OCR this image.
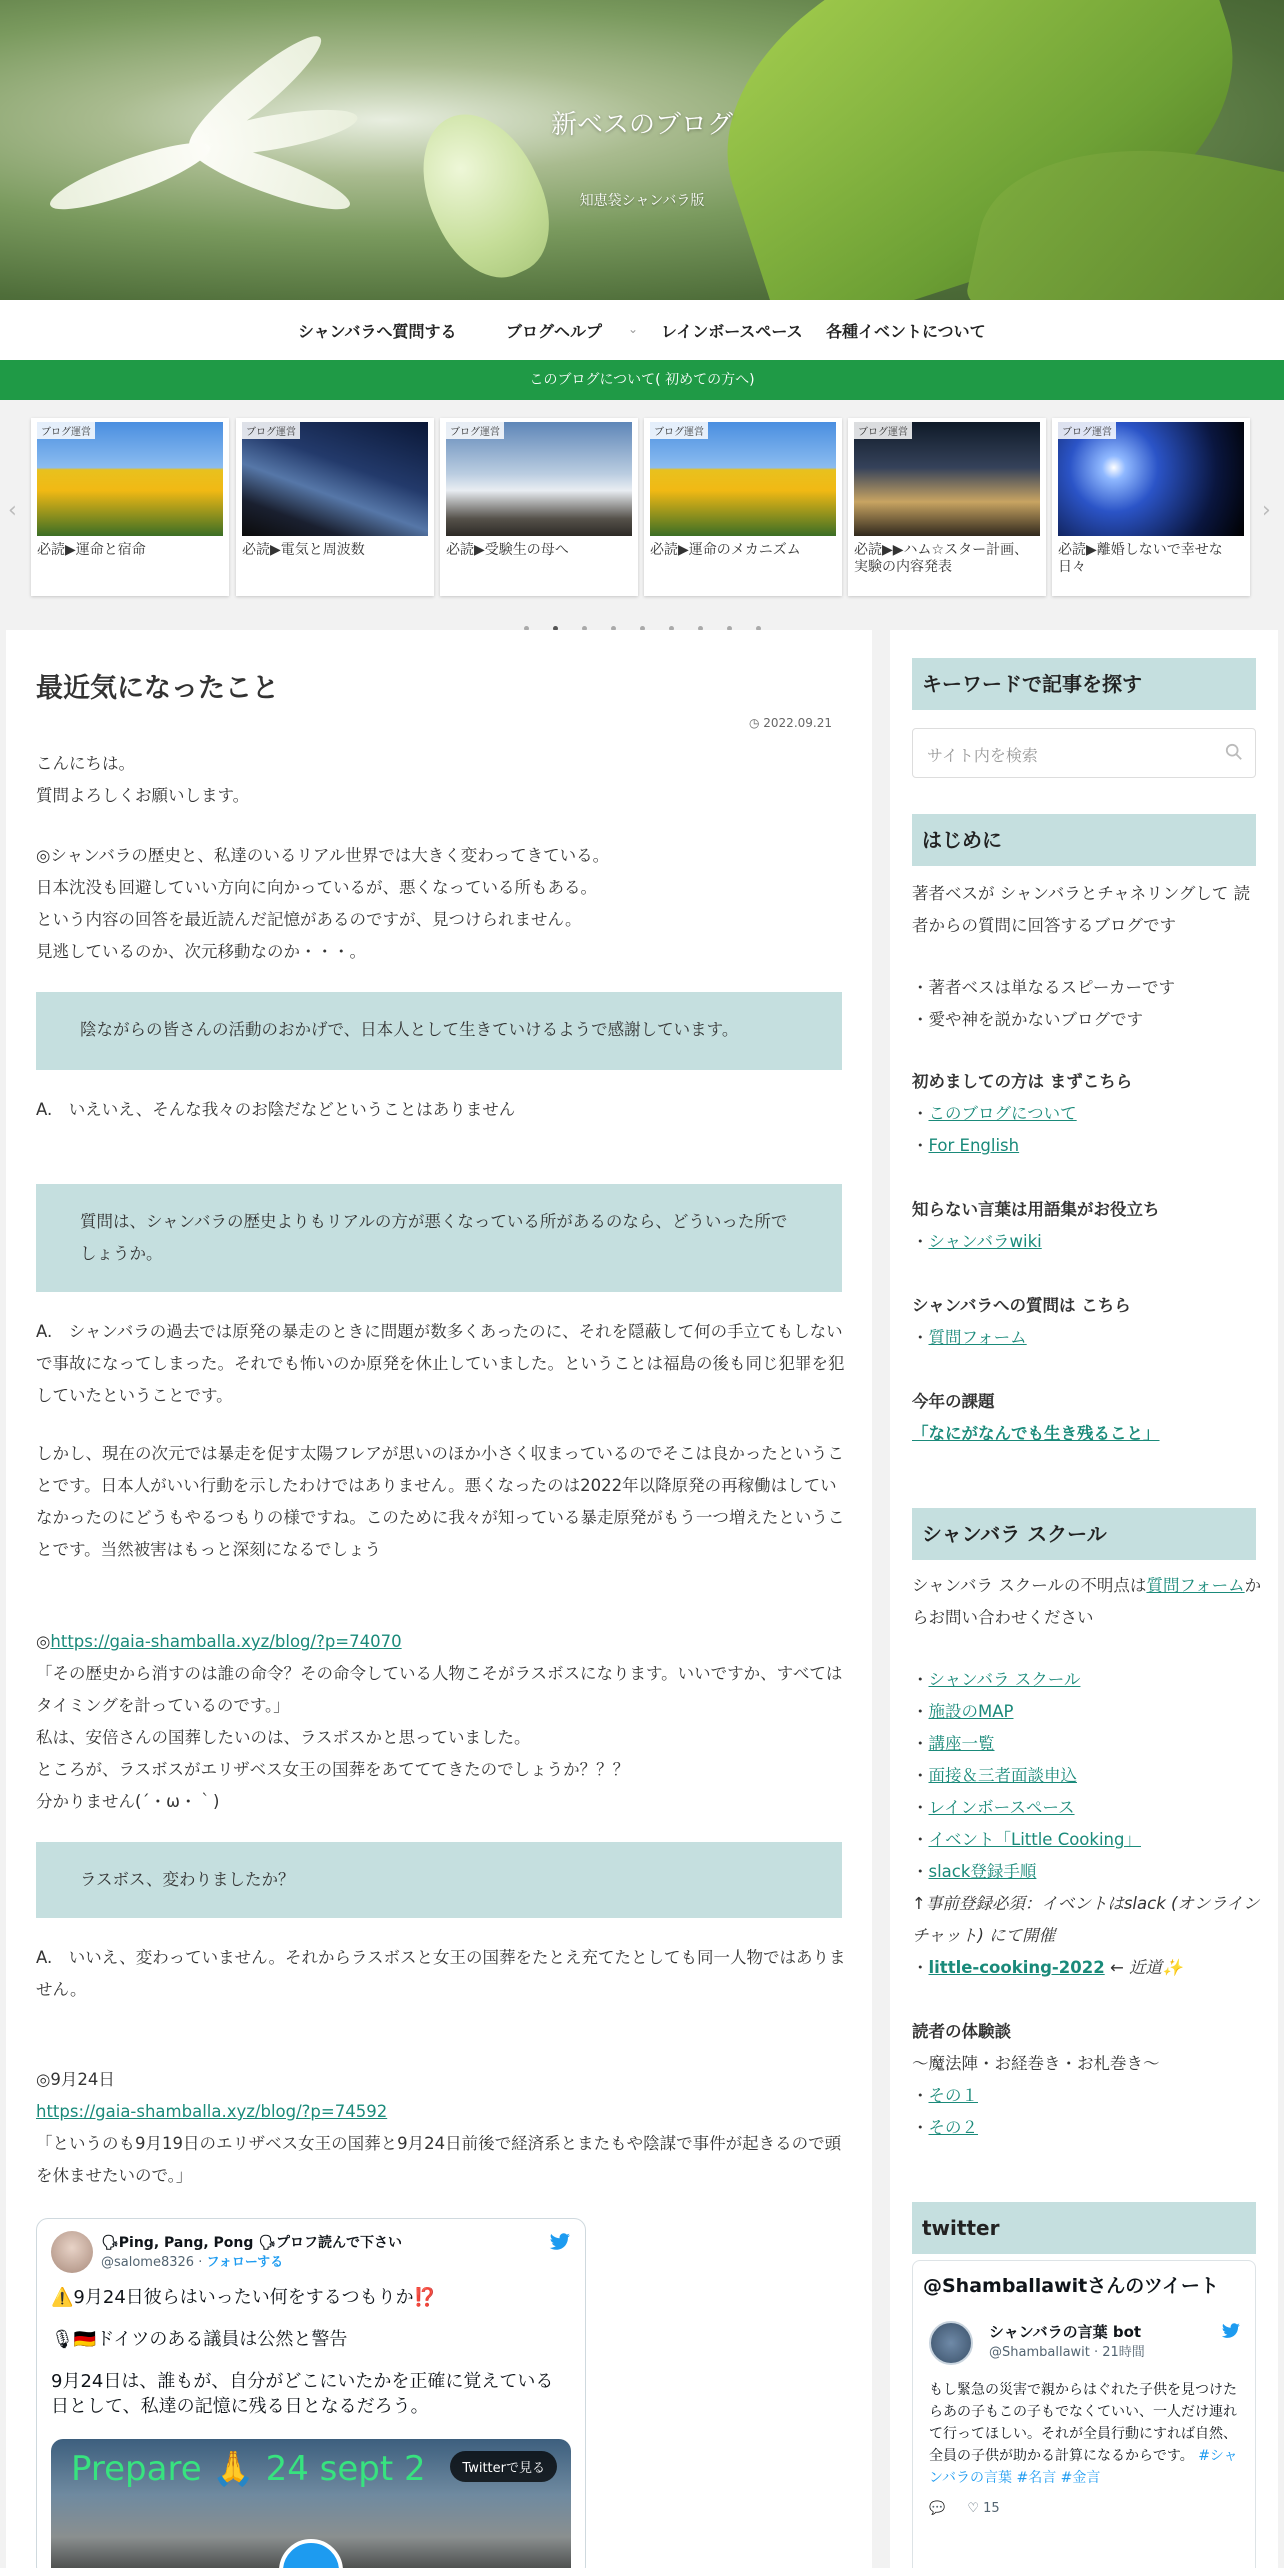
新ベスのブログ
知恵袋シャンバラ版
シャンバラへ質問する	ブログヘルプ ⌄ レインボースペース 各種イベントについて
このブログについて( 初めての方へ)
‹	›
ブログ運営
必読▶運命と宿命
ブログ運営
必読▶電気と周波数
ブログ運営
必読▶受験生の母へ
ブログ運営
必読▶運命のメカニズム
ブログ運営
必読▶▶ハム☆スター計画、実験の内容発表
ブログ運営
必読▶離婚しないで幸せな日々
最近気になったこと
◷ 2022.09.21
こんにちは。
質問よろしくお願いします。
◎シャンバラの歴史と、私達のいるリアル世界では大きく変わってきている。
日本沈没も回避していい方向に向かっているが、悪くなっている所もある。
という内容の回答を最近読んだ記憶があるのですが、見つけられません。
見逃しているのか、次元移動なのか・・・。
陰ながらの皆さんの活動のおかげで、日本人として生きていけるようで感謝しています。
A.　いえいえ、そんな我々のお陰だなどということはありません
質問は、シャンバラの歴史よりもリアルの方が悪くなっている所があるのなら、どういった所でしょうか。
A.　シャンバラの過去では原発の暴走のときに問題が数多くあったのに、それを隠蔽して何の手立てもしないで事故になってしまった。それでも怖いのか原発を休止していました。ということは福島の後も同じ犯罪を犯していたということです。
しかし、現在の次元では暴走を促す太陽フレアが思いのほか小さく収まっているのでそこは良かったということです。日本人がいい行動を示したわけではありません。悪くなったのは2022年以降原発の再稼働はしていなかったのにどうもやるつもりの様ですね。このために我々が知っている暴走原発がもう一つ増えたということです。当然被害はもっと深刻になるでしょう
◎https://gaia-shamballa.xyz/blog/?p=74070
「その歴史から消すのは誰の命令？その命令している人物こそがラスボスになります。いいですか、すべてはタイミングを計っているのです。」
私は、安倍さんの国葬したいのは、ラスボスかと思っていました。
ところが、ラスボスがエリザベス女王の国葬をあてててきたのでしょうか？？？
分かりません(´・ω・｀)
ラスボス、変わりましたか？
A.　いいえ、変わっていません。それからラスボスと女王の国葬をたとえ充てたとしても同一人物ではありません。
◎9月24日
https://gaia-shamballa.xyz/blog/?p=74592
「というのも9月19日のエリザベス女王の国葬と9月24日前後で経済系とまたもや陰謀で事件が起きるので頭を休ませたいので。」
🗣Ping, Pang, Pong 🗣プロフ読んで下さい
@salome8326 · フォローする
⚠️9月24日彼らはいったい何をするつもりか⁉️
🎙🇩🇪ドイツのある議員は公然と警告
9月24日は、誰もが、自分がどこにいたかを正確に覚えている日として、私達の記憶に残る日となるだろう。
Prepare 🙏 24 sept 2	Twitterで見る
キーワードで記事を探す
サイト内を検索
はじめに
著者ベスが シャンバラとチャネリングして 読者からの質問に回答するブログです
・著者ベスは単なるスピーカーです
・愛や神を説かないブログです
初めましての方は まずこちら
・このブログについて
・For English
知らない言葉は用語集がお役立ち
・シャンバラwiki
シャンバラへの質問は こちら
・質問フォーム
今年の課題
「なにがなんでも生き残ること」
シャンバラ スクール
シャンバラ スクールの不明点は質問フォームからお問い合わせください
・シャンバラ スクール
・施設のMAP
・講座一覧
・面接＆三者面談申込
・レインボースペース
・イベント「Little Cooking」
・slack登録手順
↑事前登録必須：イベントはslack (オンラインチャット) にて開催
・little-cooking-2022 ← 近道✨
読者の体験談
〜魔法陣・お経巻き・お札巻き〜
・その１
・その２
twitter
@Shamballawitさんのツイート
シャンバラの言葉 bot
@Shamballawit · 21時間
もし緊急の災害で親からはぐれた子供を見つけたらあの子もこの子もでなくていい、一人だけ連れて行ってほしい。それが全員行動にすれば自然、全員の子供が助かる計算になるからです。 #シャンバラの言葉 #名言 #金言
💬 ♡ 15
